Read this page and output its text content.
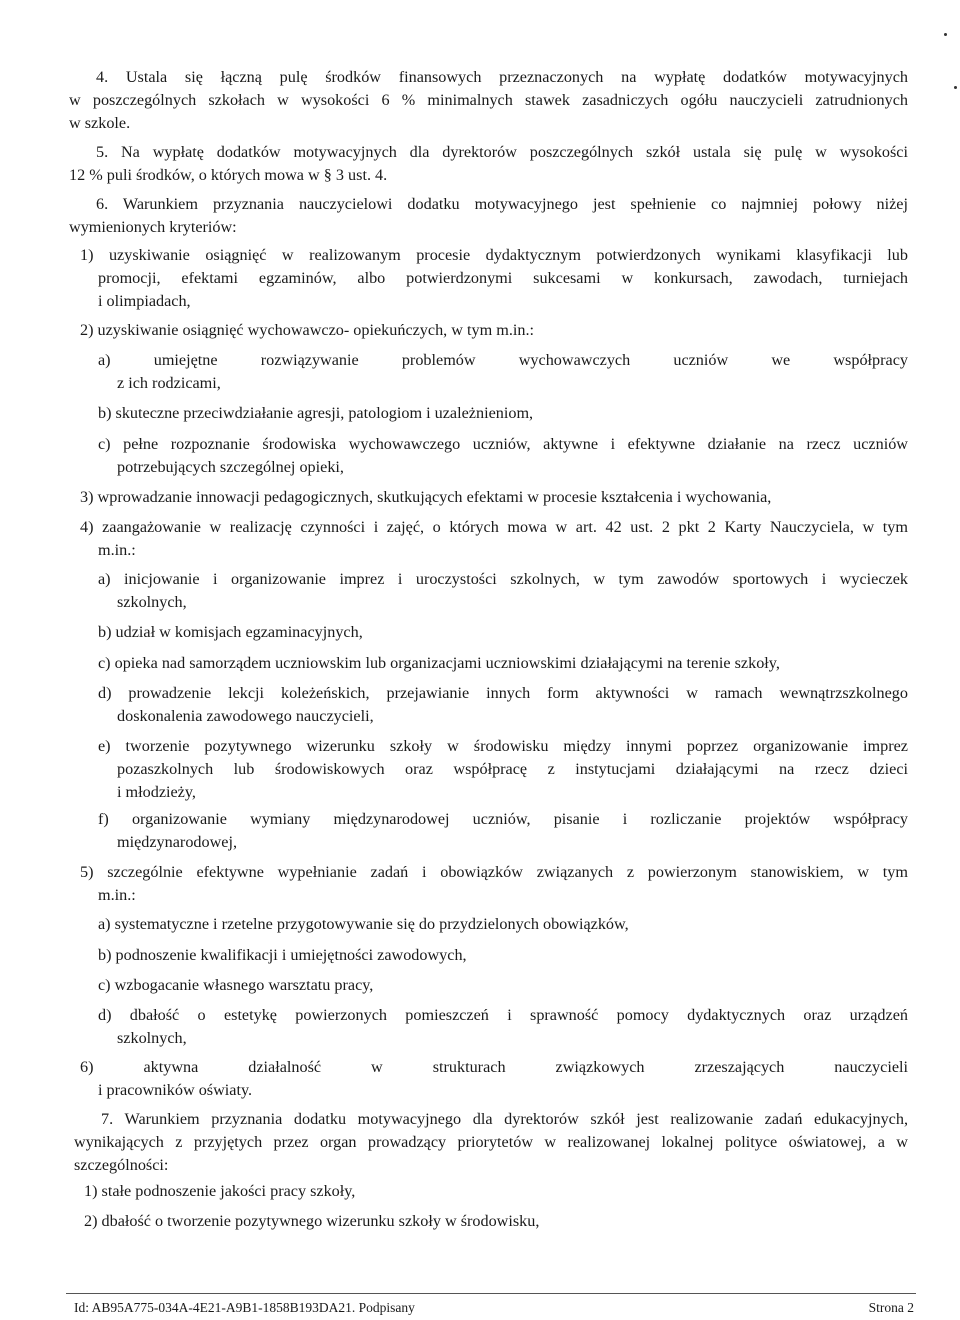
4. Ustala się łączną pulę środków finansowych przeznaczonych na wypłatę dodatków motywacyjnych
w poszczególnych szkołach w wysokości 6 % minimalnych stawek zasadniczych ogółu nauczycieli zatrudnionych
w szkole.
5. Na wypłatę dodatków motywacyjnych dla dyrektorów poszczególnych szkół ustala się pulę w wysokości
12 % puli środków, o których mowa w § 3 ust. 4.
6. Warunkiem przyznania nauczycielowi dodatku motywacyjnego jest spełnienie co najmniej połowy niżej
wymienionych kryteriów:
1) uzyskiwanie osiągnięć w realizowanym procesie dydaktycznym potwierdzonych wynikami klasyfikacji lub
promocji, efektami egzaminów, albo potwierdzonymi sukcesami w konkursach, zawodach, turniejach
i olimpiadach,
2) uzyskiwanie osiągnięć wychowawczo- opiekuńczych, w tym m.in.:
a) umiejętne rozwiązywanie problemów wychowawczych uczniów we współpracy
z ich rodzicami,
b) skuteczne przeciwdziałanie agresji, patologiom i uzależnieniom,
c) pełne rozpoznanie środowiska wychowawczego uczniów, aktywne i efektywne działanie na rzecz uczniów
potrzebujących szczególnej opieki,
3) wprowadzanie innowacji pedagogicznych, skutkujących efektami w procesie kształcenia i wychowania,
4) zaangażowanie w realizację czynności i zajęć, o których mowa w art. 42 ust. 2 pkt 2 Karty Nauczyciela, w tym
m.in.:
a) inicjowanie i organizowanie imprez i uroczystości szkolnych, w tym zawodów sportowych i wycieczek
szkolnych,
b) udział w komisjach egzaminacyjnych,
c) opieka nad samorządem uczniowskim lub organizacjami uczniowskimi działającymi na terenie szkoły,
d) prowadzenie lekcji koleżeńskich, przejawianie innych form aktywności w ramach wewnątrzszkolnego
doskonalenia zawodowego nauczycieli,
e) tworzenie pozytywnego wizerunku szkoły w środowisku między innymi poprzez organizowanie imprez
pozaszkolnych lub środowiskowych oraz współpracę z instytucjami działającymi na rzecz dzieci
i młodzieży,
f) organizowanie wymiany międzynarodowej uczniów, pisanie i rozliczanie projektów współpracy
międzynarodowej,
5) szczególnie efektywne wypełnianie zadań i obowiązków związanych z powierzonym stanowiskiem, w tym
m.in.:
a) systematyczne i rzetelne przygotowywanie się do przydzielonych obowiązków,
b) podnoszenie kwalifikacji i umiejętności zawodowych,
c) wzbogacanie własnego warsztatu pracy,
d) dbałość o estetykę powierzonych pomieszczeń i sprawność pomocy dydaktycznych oraz urządzeń
szkolnych,
6) aktywna działalność w strukturach związkowych zrzeszających nauczycieli
i pracowników oświaty.
7. Warunkiem przyznania dodatku motywacyjnego dla dyrektorów szkół jest realizowanie zadań edukacyjnych,
wynikających z przyjętych przez organ prowadzący priorytetów w realizowanej lokalnej polityce oświatowej, a w
szczególności:
1) stałe podnoszenie jakości pracy szkoły,
2) dbałość o tworzenie pozytywnego wizerunku szkoły w środowisku,
Id: AB95A775-034A-4E21-A9B1-1858B193DA21. Podpisany	Strona 2
